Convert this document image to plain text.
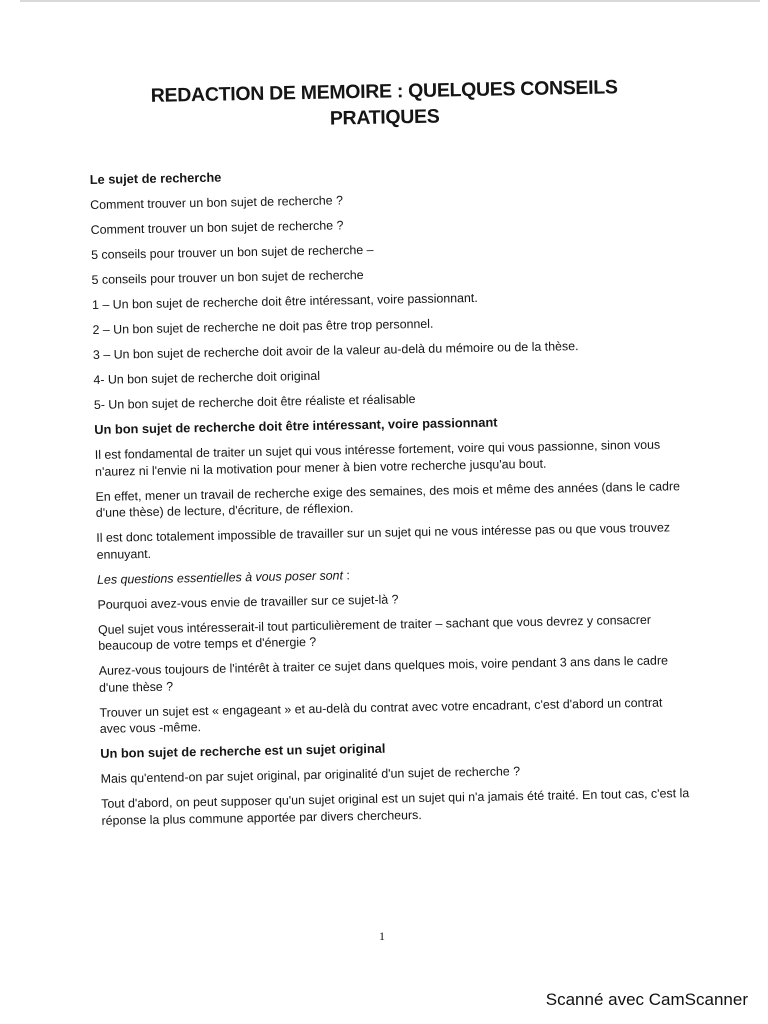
REDACTION DE MEMOIRE : QUELQUES CONSEILS
PRATIQUES

Le sujet de recherche

Comment trouver un bon sujet de recherche ?

Comment trouver un bon sujet de recherche ?

5 conseils pour trouver un bon sujet de recherche –

5 conseils pour trouver un bon sujet de recherche

1 – Un bon sujet de recherche doit être intéressant, voire passionnant.

2 – Un bon sujet de recherche ne doit pas être trop personnel.

3 – Un bon sujet de recherche doit avoir de la valeur au-delà du mémoire ou de la thèse.

4- Un bon sujet de recherche doit original

5- Un bon sujet de recherche doit être réaliste et réalisable

Un bon sujet de recherche doit être intéressant, voire passionnant

Il est fondamental de traiter un sujet qui vous intéresse fortement, voire qui vous passionne, sinon vous n'aurez ni l'envie ni la motivation pour mener à bien votre recherche jusqu'au bout.

En effet, mener un travail de recherche exige des semaines, des mois et même des années (dans le cadre d'une thèse) de lecture, d'écriture, de réflexion.

Il est donc totalement impossible de travailler sur un sujet qui ne vous intéresse pas ou que vous trouvez ennuyant.

Les questions essentielles à vous poser sont :

Pourquoi avez-vous envie de travailler sur ce sujet-là ?

Quel sujet vous intéresserait-il tout particulièrement de traiter – sachant que vous devrez y consacrer beaucoup de votre temps et d'énergie ?

Aurez-vous toujours de l'intérêt à traiter ce sujet dans quelques mois, voire pendant 3 ans dans le cadre d'une thèse ?

Trouver un sujet est « engageant » et au-delà du contrat avec votre encadrant, c'est d'abord un contrat avec vous -même.

Un bon sujet de recherche est un sujet original

Mais qu'entend-on par sujet original, par originalité d'un sujet de recherche ?

Tout d'abord, on peut supposer qu'un sujet original est un sujet qui n'a jamais été traité. En tout cas, c'est la réponse la plus commune apportée par divers chercheurs.

1
Scanné avec CamScanner
